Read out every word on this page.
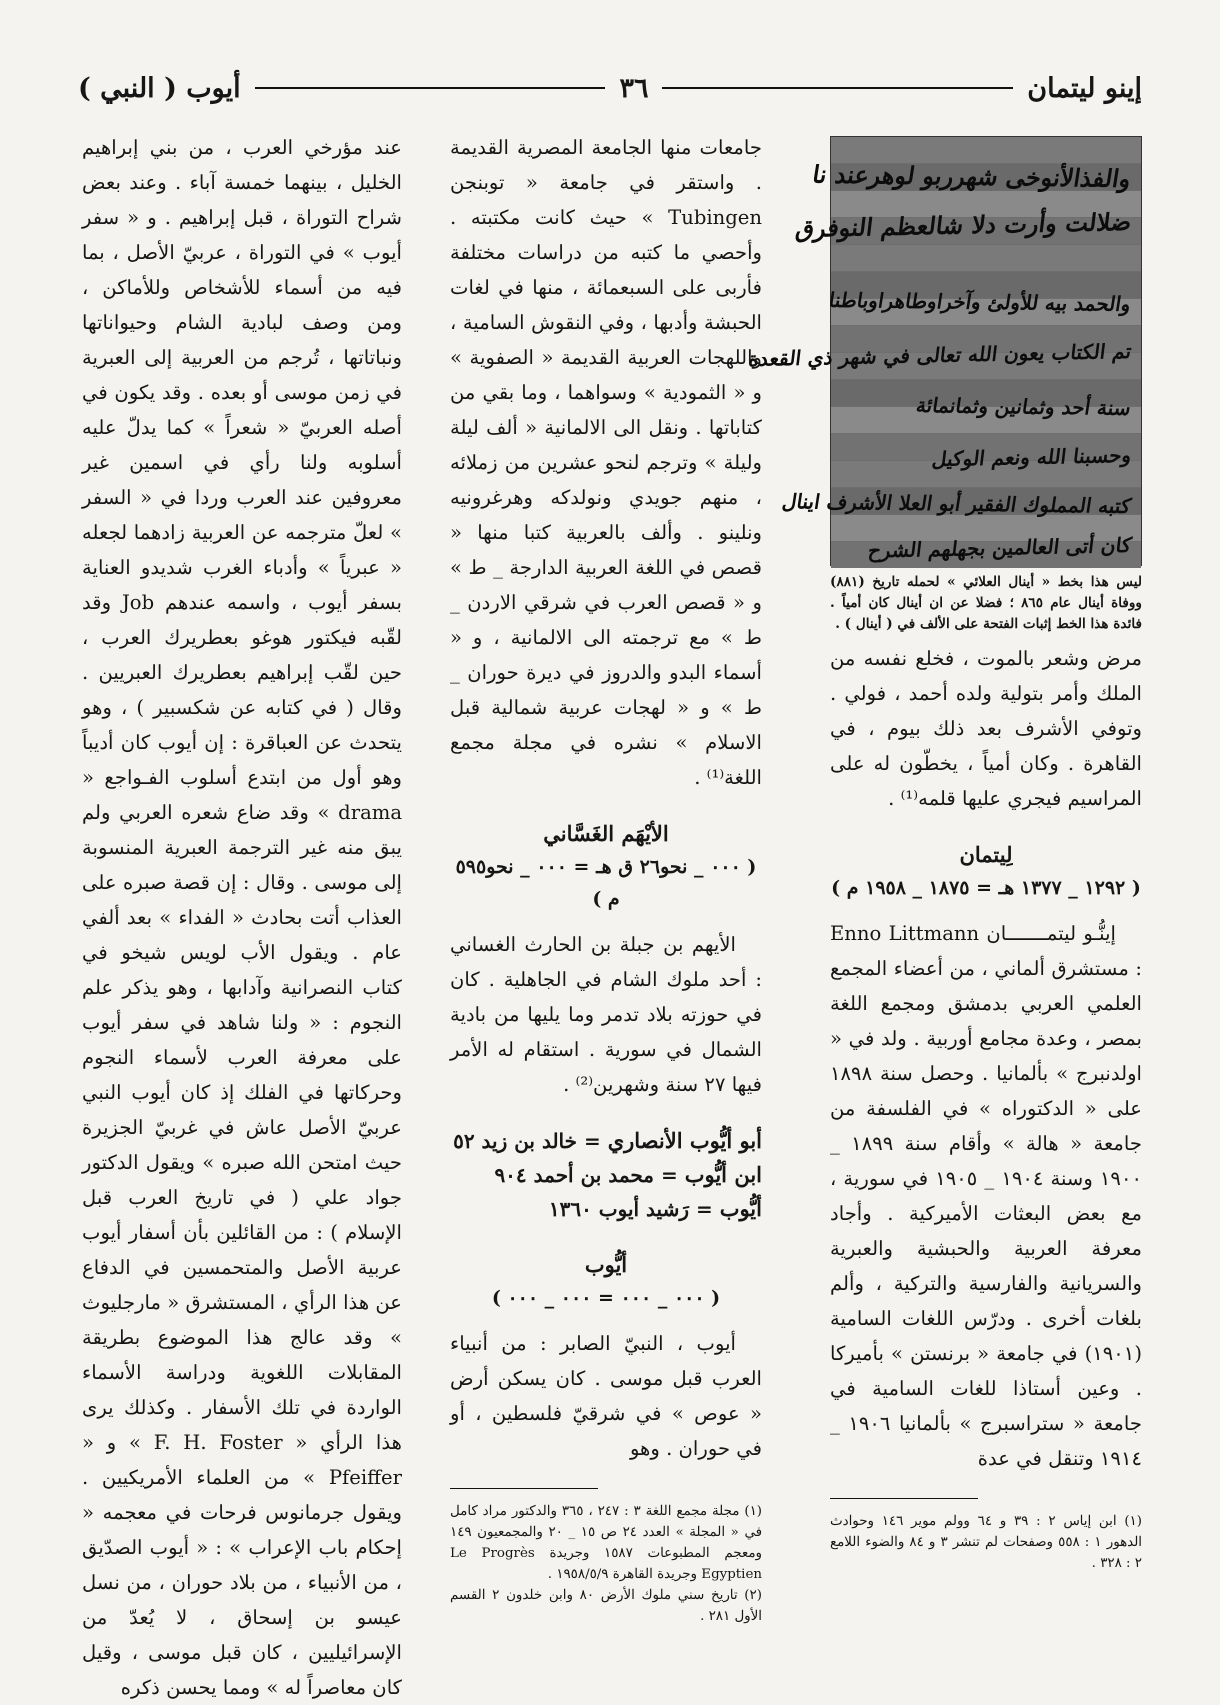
إينو ليتمان
٣٦
أيوب ( النبي )
والفذالأنوخى شهرربو لوهرعند نا
ضلالت وأرت دلا شالعظم النوفرق
والحمد بيه للأولئ وآخراوطاهراوباطنا
تم الكتاب يعون الله تعالى في شهر ذي القعدة
سنة أحد وثمانين وثمانمائة
وحسبنا الله ونعم الوكيل
كتبه المملوك الفقير أبو العلا الأشرف اينال
كان أتى العالمين بجهلهم الشرح
ليس هذا بخط « أينال العلائي » لحمله تاريخ (٨٨١) ووفاة أينال عام ٨٦٥ ؛ فضلا عن ان أينال كان أمياً . فائدة هذا الخط إثبات الفتحة على الألف في ( أينال ) .

مرض وشعر بالموت ، فخلع نفسه من الملك وأمر بتولية ولده أحمد ، فولي . وتوفي الأشرف بعد ذلك بيوم ، في القاهرة . وكان أمياً ، يخطّون له على المراسيم فيجري عليها قلمه⁽¹⁾ .

لِيتمان
( ١٢٩٢ _ ١٣٧٧ هـ = ١٨٧٥ _ ١٩٥٨ م )

إينُّـو ليتمـــــــان Enno Littmann : مستشرق ألماني ، من أعضاء المجمع العلمي العربي بدمشق ومجمع اللغة بمصر ، وعدة مجامع أوربية . ولد في « اولدنبرج » بألمانيا . وحصل سنة ١٨٩٨ على « الدكتوراه » في الفلسفة من جامعة « هالة » وأقام سنة ١٨٩٩ _ ١٩٠٠ وسنة ١٩٠٤ _ ١٩٠٥ في سورية ، مع بعض البعثات الأميركية . وأجاد معرفة العربية والحبشية والعبرية والسريانية والفارسية والتركية ، وألم بلغات أخرى . ودرّس اللغات السامية (١٩٠١) في جامعة « برنستن » بأميركا . وعين أستاذا للغات السامية في جامعة « ستراسبرج » بألمانيا ١٩٠٦ _ ١٩١٤ وتنقل في عدة

(١) ابن إياس ٢ : ٣٩ و ٦٤ وولم موير ١٤٦ وحوادث الدهور ١ : ٥٥٨ وصفحات لم تنشر ٣ و ٨٤ والضوء اللامع ٢ : ٣٢٨ .

جامعات منها الجامعة المصرية القديمة . واستقر في جامعة « توبنجن Tubingen » حيث كانت مكتبته . وأحصي ما كتبه من دراسات مختلفة فأربى على السبعمائة ، منها في لغات الحبشة وأدبها ، وفي النقوش السامية ، واللهجات العربية القديمة « الصفوية » و « الثمودية » وسواهما ، وما بقي من كتاباتها . ونقل الى الالمانية « ألف ليلة وليلة » وترجم لنحو عشرين من زملائه ، منهم جويدي ونولدكه وهرغرونيه ونلينو . وألف بالعربية كتبا منها « قصص في اللغة العربية الدارجة _ ط » و « قصص العرب في شرقي الاردن _ ط » مع ترجمته الى الالمانية ، و « أسماء البدو والدروز في ديرة حوران _ ط » و « لهجات عربية شمالية قبل الاسلام » نشره في مجلة مجمع اللغة⁽¹⁾ .

الأيْهَم الغَسَّاني
( ٠٠٠ _ نحو٢٦ ق هـ = ٠٠٠ _ نحو٥٩٥ م )

الأيهم بن جبلة بن الحارث الغساني : أحد ملوك الشام في الجاهلية . كان في حوزته بلاد تدمر وما يليها من بادية الشمال في سورية . استقام له الأمر فيها ٢٧ سنة وشهرين⁽²⁾ .

أبو أيُّوب الأنصاري = خالد بن زيد ٥٢
ابن أيُّوب = محمد بن أحمد ٩٠٤
أيُّوب = رَشيد أيوب ١٣٦٠
أيُّوب
( ٠٠٠ _ ٠٠٠ = ٠٠٠ _ ٠٠٠ )

أيوب ، النبيّ الصابر : من أنبياء العرب قبل موسى . كان يسكن أرض « عوص » في شرقيّ فلسطين ، أو في حوران . وهو

(١) مجلة مجمع اللغة ٣ : ٢٤٧ ، ٣٦٥ والدكتور مراد كامل في « المجلة » العدد ٢٤ ص ١٥ _ ٢٠ والمجمعيون ١٤٩ ومعجم المطبوعات ١٥٨٧ وجريدة Le Progrès Egyptien وجريدة القاهرة ١٩٥٨/٥/٩ .

(٢) تاريخ سني ملوك الأرض ٨٠ وابن خلدون ٢ القسم الأول ٢٨١ .

عند مؤرخي العرب ، من بني إبراهيم الخليل ، بينهما خمسة آباء . وعند بعض شراح التوراة ، قبل إبراهيم . و « سفر أيوب » في التوراة ، عربيّ الأصل ، بما فيه من أسماء للأشخاص وللأماكن ، ومن وصف لبادية الشام وحيواناتها ونباتاتها ، تُرجم من العربية إلى العبرية في زمن موسى أو بعده . وقد يكون في أصله العربيّ « شعراً » كما يدلّ عليه أسلوبه ولنا رأي في اسمين غير معروفين عند العرب وردا في « السفر » لعلّ مترجمه عن العربية زادهما لجعله « عبرياً » وأدباء الغرب شديدو العناية بسفر أيوب ، واسمه عندهم Job وقد لقّبه فيكتور هوغو بعطريرك العرب ، حين لقّب إبراهيم بعطريرك العبريين . وقال ( في كتابه عن شكسبير ) ، وهو يتحدث عن العباقرة : إن أيوب كان أديباً وهو أول من ابتدع أسلوب الفـواجع « drama » وقد ضاع شعره العربي ولم يبق منه غير الترجمة العبرية المنسوبة إلى موسى . وقال : إن قصة صبره على العذاب أتت بحادث « الفداء » بعد ألفي عام . ويقول الأب لويس شيخو في كتاب النصرانية وآدابها ، وهو يذكر علم النجوم : « ولنا شاهد في سفر أيوب على معرفة العرب لأسماء النجوم وحركاتها في الفلك إذ كان أيوب النبي عربيّ الأصل عاش في غربيّ الجزيرة حيث امتحن الله صبره » ويقول الدكتور جواد علي ( في تاريخ العرب قبل الإسلام ) : من القائلين بأن أسفار أيوب عربية الأصل والمتحمسين في الدفاع عن هذا الرأي ، المستشرق « مارجليوث » وقد عالج هذا الموضوع بطريقة المقابلات اللغوية ودراسة الأسماء الواردة في تلك الأسفار . وكذلك يرى هذا الرأي « F. H. Foster » و « Pfeiffer » من العلماء الأمريكيين . ويقول جرمانوس فرحات في معجمه « إحكام باب الإعراب » : « أيوب الصدّيق ، من الأنبياء ، من بلاد حوران ، من نسل عيسو بن إسحاق ، لا يُعدّ من الإسرائيليين ، كان قبل موسى ، وقيل كان معاصراً له » ومما يحسن ذكره
